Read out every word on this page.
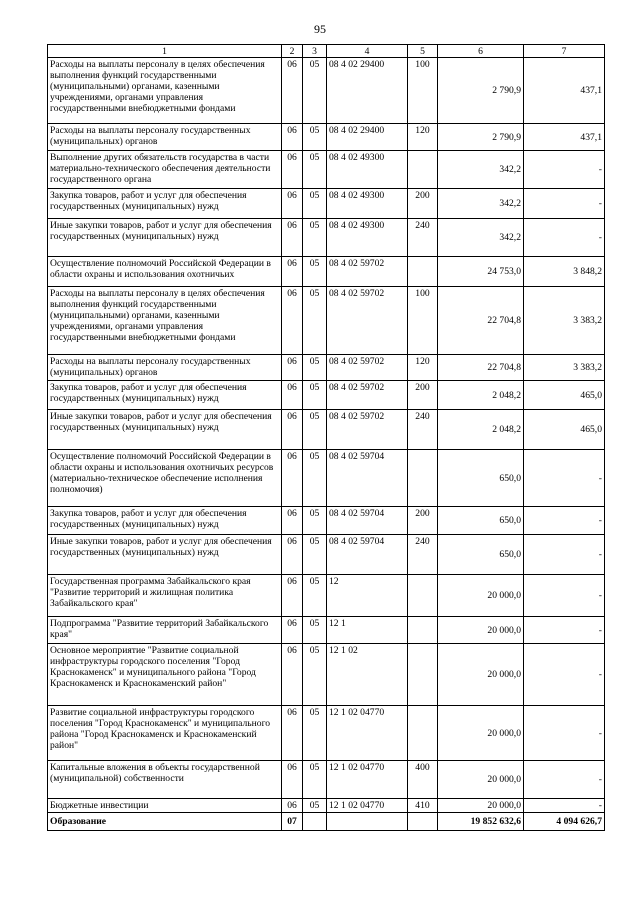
95
1	2	3	4	5	6	7
Расходы на выплаты персоналу в целях обеспечения выполнения функций государственными (муниципальными) органами, казенными учреждениями, органами управления государственными внебюджетными фондами	06	05	08 4 02 29400	100	2 790,9	437,1
Расходы на выплаты персоналу государственных (муниципальных) органов	06	05	08 4 02 29400	120	2 790,9	437,1
Выполнение других обязательств государства в части материально-технического обеспечения деятельности государственного органа	06	05	08 4 02 49300		342,2	-
Закупка товаров, работ и услуг для обеспечения государственных (муниципальных) нужд	06	05	08 4 02 49300	200	342,2	-
Иные закупки товаров, работ и услуг для обеспечения государственных (муниципальных) нужд	06	05	08 4 02 49300	240	342,2	-
Осуществление полномочий Российской Федерации в области охраны и использования охотничьих	06	05	08 4 02 59702		24 753,0	3 848,2
Расходы на выплаты персоналу в целях обеспечения выполнения функций государственными (муниципальными) органами, казенными учреждениями, органами управления государственными внебюджетными фондами	06	05	08 4 02 59702	100	22 704,8	3 383,2
Расходы на выплаты персоналу государственных (муниципальных) органов	06	05	08 4 02 59702	120	22 704,8	3 383,2
Закупка товаров, работ и услуг для обеспечения государственных (муниципальных) нужд	06	05	08 4 02 59702	200	2 048,2	465,0
Иные закупки товаров, работ и услуг для обеспечения государственных (муниципальных) нужд	06	05	08 4 02 59702	240	2 048,2	465,0
Осуществление полномочий Российской Федерации в области охраны и использования охотничьих ресурсов (материально-техническое обеспечение исполнения полномочия)	06	05	08 4 02 59704		650,0	-
Закупка товаров, работ и услуг для обеспечения государственных (муниципальных) нужд	06	05	08 4 02 59704	200	650,0	-
Иные закупки товаров, работ и услуг для обеспечения государственных (муниципальных) нужд	06	05	08 4 02 59704	240	650,0	-
Государственная программа Забайкальского края "Развитие территорий и жилищная политика Забайкальского края"	06	05	12		20 000,0	-
Подпрограмма "Развитие территорий Забайкальского края"	06	05	12 1		20 000,0	-
Основное мероприятие "Развитие социальной инфраструктуры городского поселения "Город Краснокаменск" и муниципального района "Город Краснокаменск и Краснокаменский район"	06	05	12 1 02		20 000,0	-
Развитие социальной инфраструктуры городского поселения "Город Краснокаменск" и муниципального района "Город Краснокаменск и Краснокаменский район"	06	05	12 1 02 04770		20 000,0	-
Капитальные вложения в объекты государственной (муниципальной) собственности	06	05	12 1 02 04770	400	20 000,0	-
Бюджетные инвестиции	06	05	12 1 02 04770	410	20 000,0	-
Образование	07				19 852 632,6	4 094 626,7
